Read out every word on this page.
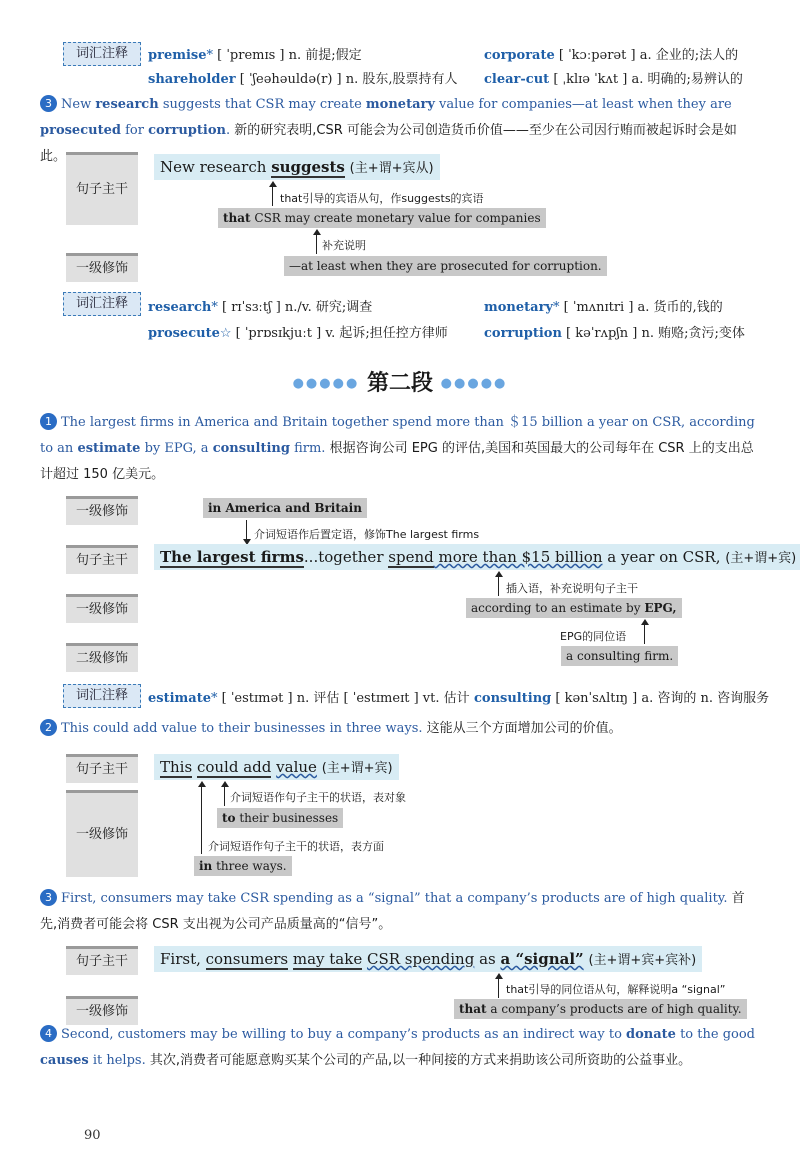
词汇注释	premise* [ ˈpremɪs ] n. 前提;假定	corporate [ ˈkɔːpərət ] a. 企业的;法人的
shareholder [ ˈʃeəhəuldə(r) ] n. 股东,股票持有人 clear-cut [ ˌklɪə ˈkʌt ] a. 明确的;易辨认的
3 New research suggests that CSR may create monetary value for companies—at least when they are prosecuted for corruption. 新的研究表明,CSR 可能会为公司创造货币价值——至少在公司因行贿而被起诉时会是如此。
句子主干
一级修饰
New research suggests (主+谓+宾从)
that引导的宾语从句，作suggests的宾语
that CSR may create monetary value for companies
补充说明
—at least when they are prosecuted for corruption.
词汇注释	research* [ rɪˈsɜːtʃ ] n./v. 研究;调查	monetary* [ ˈmʌnɪtri ] a. 货币的,钱的
prosecute☆ [ ˈprɒsɪkjuːt ] v. 起诉;担任控方律师	corruption [ kəˈrʌpʃn ] n. 贿赂;贪污;变体
●●●●● 第二段 ●●●●●
1 The largest firms in America and Britain together spend more than ＄15 billion a year on CSR, according to an estimate by EPG, a consulting firm. 根据咨询公司 EPG 的评估,美国和英国最大的公司每年在 CSR 上的支出总计超过 150 亿美元。
一级修饰
句子主干
一级修饰
二级修饰
in America and Britain
介词短语作后置定语，修饰The largest firms
The largest firms...together spend more than $15 billion a year on CSR, (主+谓+宾)
插入语，补充说明句子主干
according to an estimate by EPG,
EPG的同位语
a consulting firm.
词汇注释	estimate* [ ˈestɪmət ] n. 评估 [ ˈestɪmeɪt ] vt. 估计 consulting [ kənˈsʌltɪŋ ] a. 咨询的 n. 咨询服务
2 This could add value to their businesses in three ways. 这能从三个方面增加公司的价值。
句子主干
一级修饰
This could add value (主+谓+宾)
介词短语作句子主干的状语，表对象
to their businesses
介词短语作句子主干的状语，表方面
in three ways.
3 First, consumers may take CSR spending as a “signal” that a company’s products are of high quality. 首先,消费者可能会将 CSR 支出视为公司产品质量高的“信号”。
句子主干
一级修饰
First, consumers may take CSR spending as a “signal” (主+谓+宾+宾补)
that引导的同位语从句，解释说明a “signal”
that a company’s products are of high quality.
4 Second, customers may be willing to buy a company’s products as an indirect way to donate to the good causes it helps. 其次,消费者可能愿意购买某个公司的产品,以一种间接的方式来捐助该公司所资助的公益事业。
90
